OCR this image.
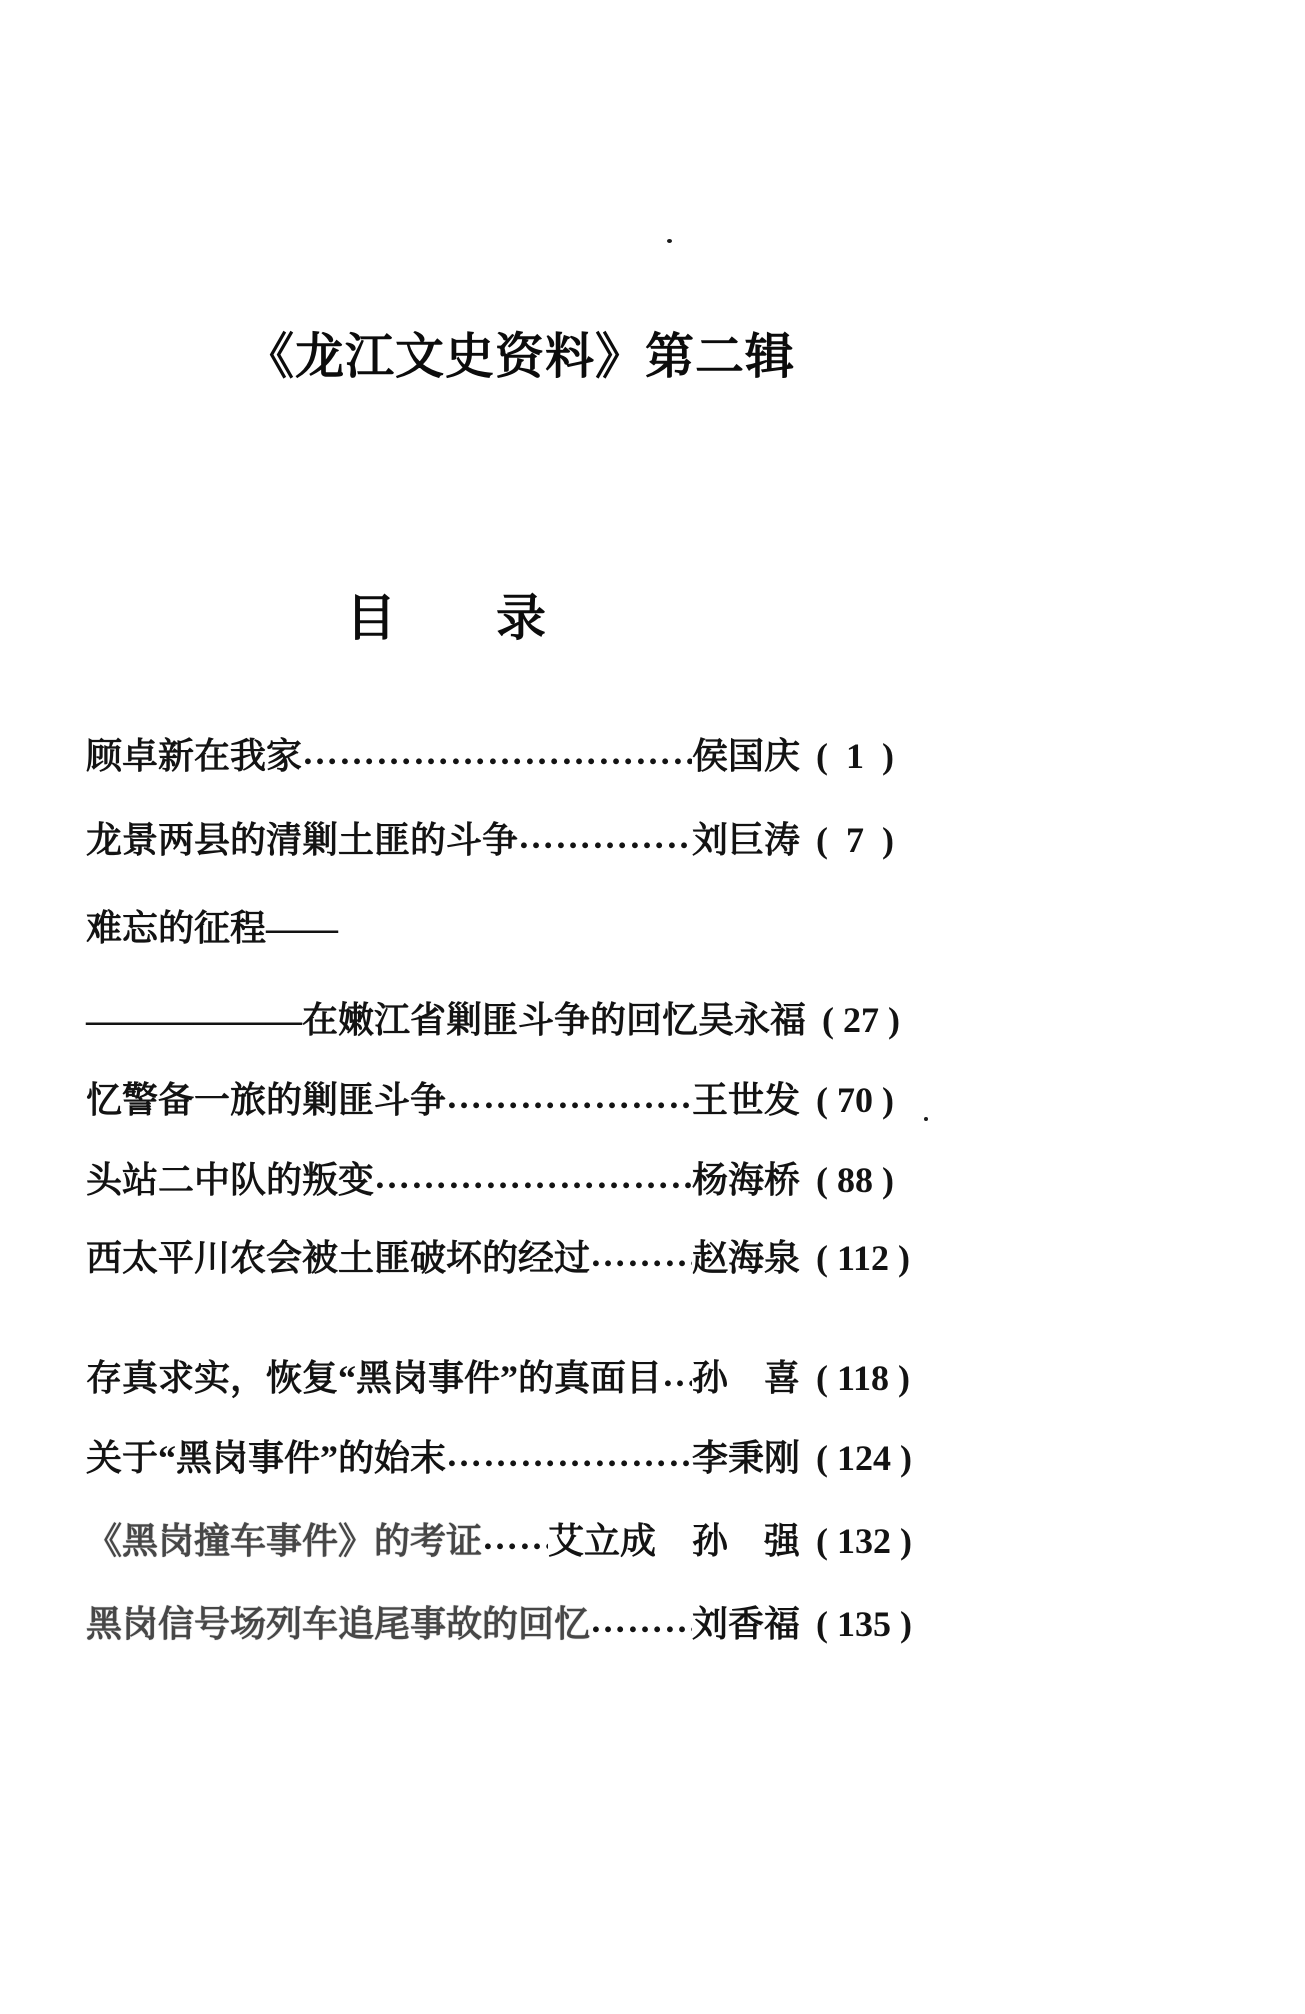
《龙江文史资料》第二辑
目　　录
顾卓新在我家 ……………………………………………………………………………………	侯国庆 (  1  )
龙景两县的清剿土匪的斗争 ……………………………………………………………………………………	刘巨涛 (  7  )
难忘的征程——
——————在嫩江省剿匪斗争的回忆 吴永福 ( 27 )
忆警备一旅的剿匪斗争 ……………………………………………………………………………………	王世发 ( 70 )
头站二中队的叛变 ……………………………………………………………………………………	杨海桥 ( 88 )
西太平川农会被土匪破坏的经过 ……………………………………………………………………………………	赵海泉 ( 112 )
存真求实，恢复“黑岗事件”的真面目 …………………………………………………………………………………… 孙　喜 ( 118 )
关于“黑岗事件”的始末 ……………………………………………………………………………………	李秉刚 ( 124 )
《黑岗撞车事件》的考证 …………………………………………………………………………………… 艾立成　孙　强 ( 132 )
黑岗信号场列车追尾事故的回忆 ……………………………………………………………………………………	刘香福 ( 135 )
